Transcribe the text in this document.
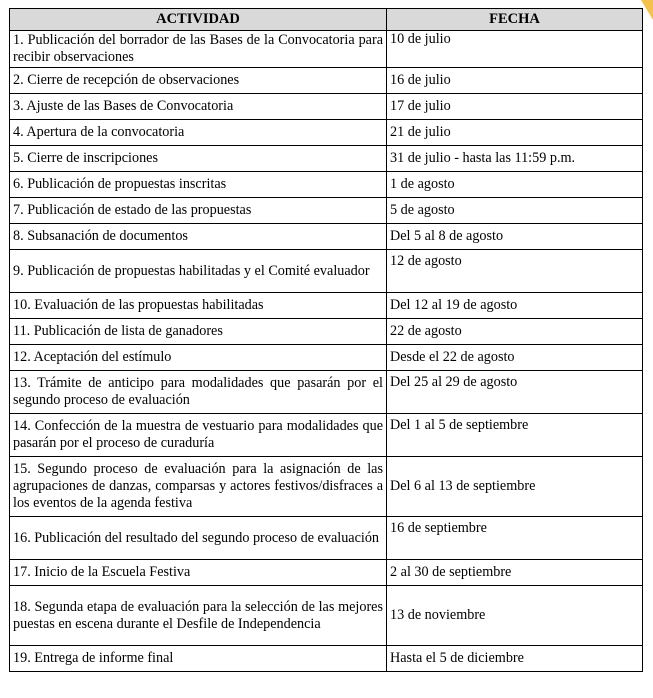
ACTIVIDAD	FECHA
1. Publicación del borrador de las Bases de la Convocatoria para recibir observaciones	10 de julio
2. Cierre de recepción de observaciones	16 de julio
3. Ajuste de las Bases de Convocatoria	17 de julio
4. Apertura de la convocatoria	21 de julio
5. Cierre de inscripciones	31 de julio - hasta las 11:59 p.m.
6. Publicación de propuestas inscritas	1 de agosto
7. Publicación de estado de las propuestas	5 de agosto
8. Subsanación de documentos	Del 5 al 8 de agosto
9. Publicación de propuestas habilitadas y el Comité evaluador	12 de agosto
10. Evaluación de las propuestas habilitadas	Del 12 al 19 de agosto
11. Publicación de lista de ganadores	22 de agosto
12. Aceptación del estímulo	Desde el 22 de agosto
13. Trámite de anticipo para modalidades que pasarán por el segundo proceso de evaluación	Del 25 al 29 de agosto
14. Confección de la muestra de vestuario para modalidades que pasarán por el proceso de curaduría	Del 1 al 5 de septiembre
15. Segundo proceso de evaluación para la asignación de las agrupaciones de danzas, comparsas y actores festivos/disfraces a los eventos de la agenda festiva	Del 6 al 13 de septiembre
16. Publicación del resultado del segundo proceso de evaluación	16 de septiembre
17. Inicio de la Escuela Festiva	2 al 30 de septiembre
18. Segunda etapa de evaluación para la selección de las mejores puestas en escena durante el Desfile de Independencia	13 de noviembre
19. Entrega de informe final	Hasta el 5 de diciembre
